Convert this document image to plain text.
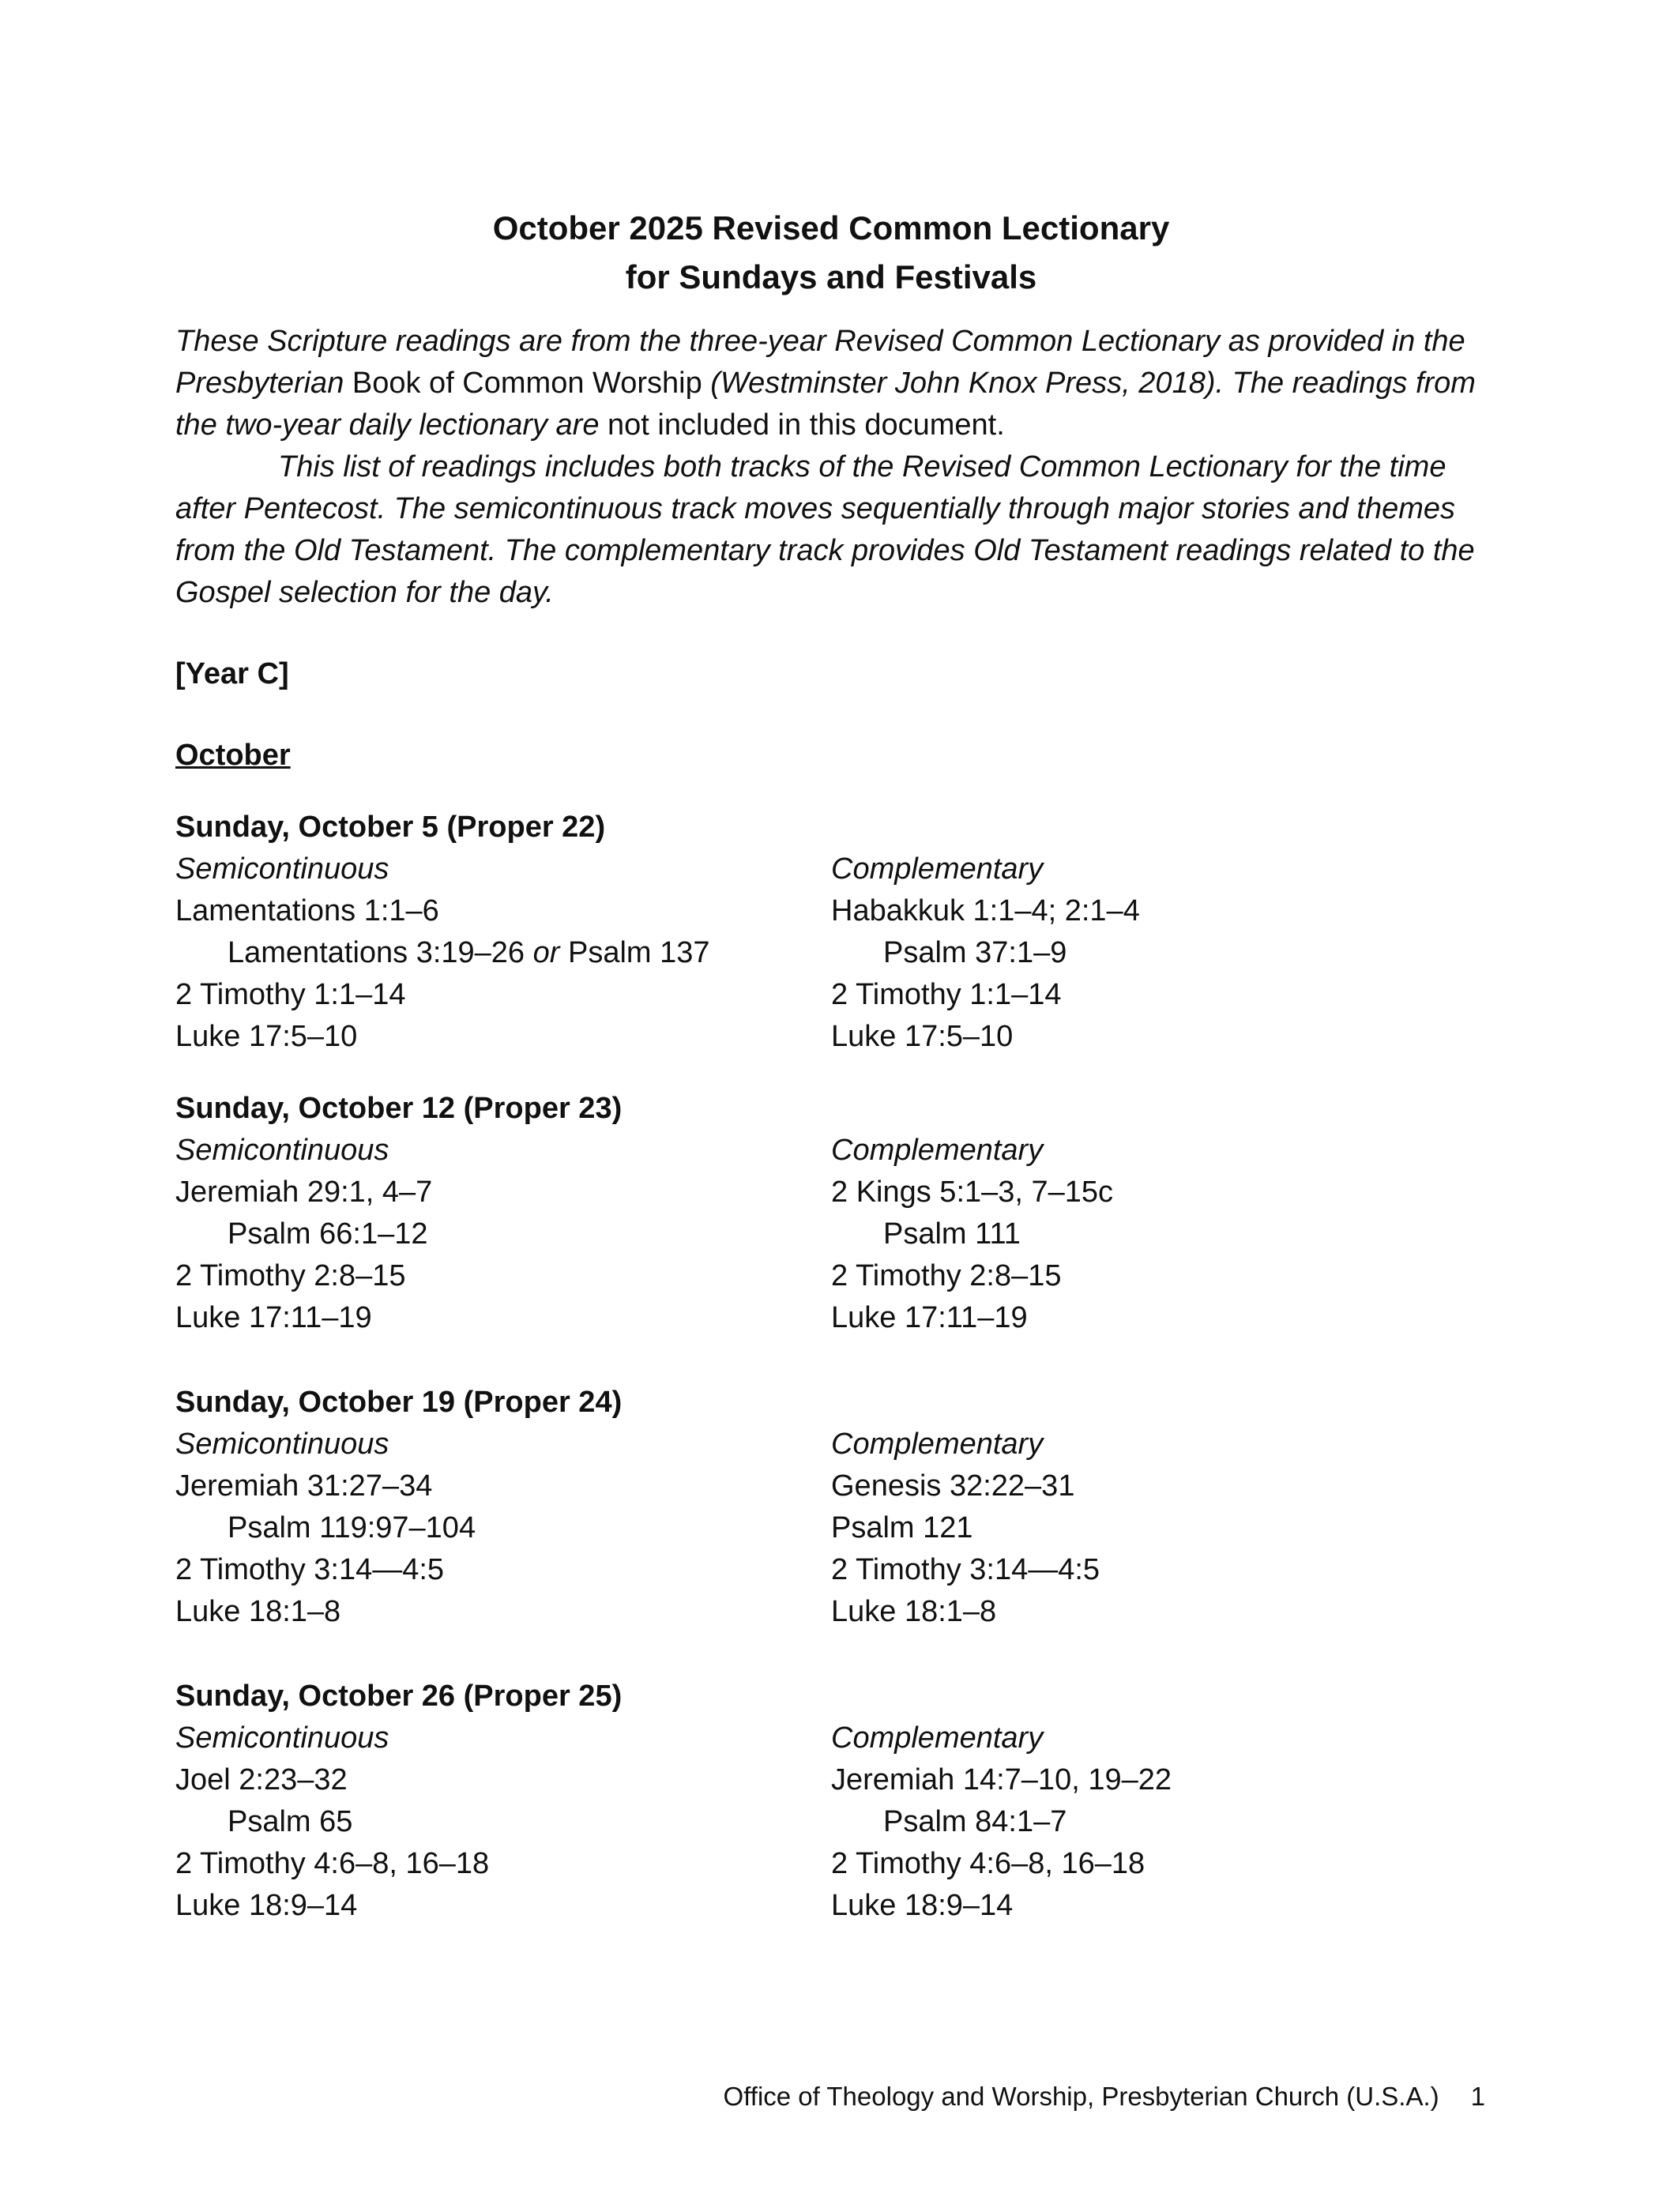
October 2025 Revised Common Lectionary
for Sundays and Festivals

These Scripture readings are from the three-year Revised Common Lectionary as provided in the Presbyterian Book of Common Worship (Westminster John Knox Press, 2018). The readings from the two-year daily lectionary are not included in this document.

This list of readings includes both tracks of the Revised Common Lectionary for the time after Pentecost. The semicontinuous track moves sequentially through major stories and themes from the Old Testament. The complementary track provides Old Testament readings related to the Gospel selection for the day.

[Year C]
October
Sunday, October 5 (Proper 22)
Semicontinuous
Lamentations 1:1–6
Lamentations 3:19–26 or Psalm 137
2 Timothy 1:1–14
Luke 17:5–10
Complementary
Habakkuk 1:1–4; 2:1–4
Psalm 37:1–9
2 Timothy 1:1–14
Luke 17:5–10
Sunday, October 12 (Proper 23)
Semicontinuous
Jeremiah 29:1, 4–7
Psalm 66:1–12
2 Timothy 2:8–15
Luke 17:11–19
Complementary
2 Kings 5:1–3, 7–15c
Psalm 111
2 Timothy 2:8–15
Luke 17:11–19
Sunday, October 19 (Proper 24)
Semicontinuous
Jeremiah 31:27–34
Psalm 119:97–104
2 Timothy 3:14—4:5
Luke 18:1–8
Complementary
Genesis 32:22–31
Psalm 121
2 Timothy 3:14—4:5
Luke 18:1–8
Sunday, October 26 (Proper 25)
Semicontinuous
Joel 2:23–32
Psalm 65
2 Timothy 4:6–8, 16–18
Luke 18:9–14
Complementary
Jeremiah 14:7–10, 19–22
Psalm 84:1–7
2 Timothy 4:6–8, 16–18
Luke 18:9–14
Office of Theology and Worship, Presbyterian Church (U.S.A.) 1
